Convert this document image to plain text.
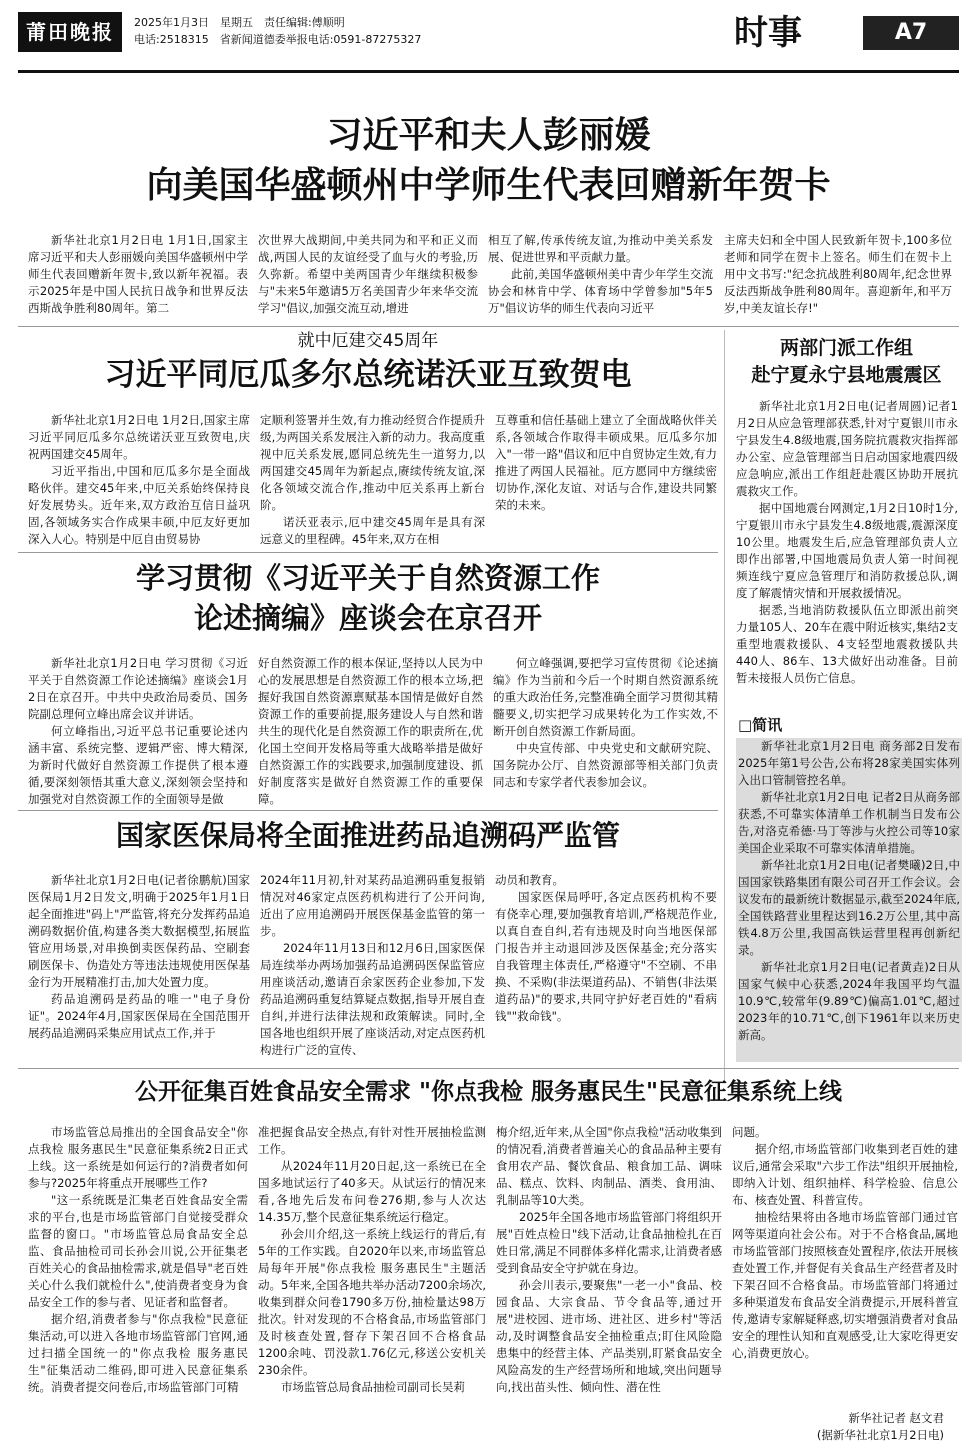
莆田晚报	2025年1月3日　星期五　责任编辑:傅顺明
电话:2518315　省新闻道德委举报电话:0591-87275327	时事	A7
习近平和夫人彭丽媛
向美国华盛顿州中学师生代表回赠新年贺卡

新华社北京1月2日电 1月1日,国家主席习近平和夫人彭丽媛向美国华盛顿州中学师生代表回赠新年贺卡,致以新年祝福。表示2025年是中国人民抗日战争和世界反法西斯战争胜利80周年。第二

次世界大战期间,中美共同为和平和正义而战,两国人民的友谊经受了血与火的考验,历久弥新。希望中美两国青少年继续积极参与"未来5年邀请5万名美国青少年来华交流学习"倡议,加强交流互动,增进

相互了解,传承传统友谊,为推动中美关系发展、促进世界和平贡献力量。

此前,美国华盛顿州美中青少年学生交流协会和林肯中学、体育场中学曾参加"5年5万"倡议访华的师生代表向习近平

主席夫妇和全中国人民致新年贺卡,100多位老师和同学在贺卡上签名。师生们在贺卡上用中文书写:"纪念抗战胜利80周年,纪念世界反法西斯战争胜利80周年。喜迎新年,和平万岁,中美友谊长存!"

就中厄建交45周年
习近平同厄瓜多尔总统诺沃亚互致贺电

新华社北京1月2日电 1月2日,国家主席习近平同厄瓜多尔总统诺沃亚互致贺电,庆祝两国建交45周年。

习近平指出,中国和厄瓜多尔是全面战略伙伴。建交45年来,中厄关系始终保持良好发展势头。近年来,双方政治互信日益巩固,各领域务实合作成果丰硕,中厄友好更加深入人心。特别是中厄自由贸易协

定顺利签署并生效,有力推动经贸合作提质升级,为两国关系发展注入新的动力。我高度重视中厄关系发展,愿同总统先生一道努力,以两国建交45周年为新起点,赓续传统友谊,深化各领域交流合作,推动中厄关系再上新台阶。

诺沃亚表示,厄中建交45周年是具有深远意义的里程碑。45年来,双方在相

互尊重和信任基础上建立了全面战略伙伴关系,各领域合作取得丰硕成果。厄瓜多尔加入"一带一路"倡议和厄中自贸协定生效,有力推进了两国人民福祉。厄方愿同中方继续密切协作,深化友谊、对话与合作,建设共同繁荣的未来。

学习贯彻《习近平关于自然资源工作
论述摘编》座谈会在京召开

新华社北京1月2日电 学习贯彻《习近平关于自然资源工作论述摘编》座谈会1月2日在京召开。中共中央政治局委员、国务院副总理何立峰出席会议并讲话。

何立峰指出,习近平总书记重要论述内涵丰富、系统完整、逻辑严密、博大精深,为新时代做好自然资源工作提供了根本遵循,要深刻领悟其重大意义,深刻领会坚持和加强党对自然资源工作的全面领导是做

好自然资源工作的根本保证,坚持以人民为中心的发展思想是自然资源工作的根本立场,把握好我国自然资源禀赋基本国情是做好自然资源工作的重要前提,服务建设人与自然和谐共生的现代化是自然资源工作的职责所在,优化国土空间开发格局等重大战略举措是做好自然资源工作的实践要求,加强制度建设、抓好制度落实是做好自然资源工作的重要保障。

何立峰强调,要把学习宣传贯彻《论述摘编》作为当前和今后一个时期自然资源系统的重大政治任务,完整准确全面学习贯彻其精髓要义,切实把学习成果转化为工作实效,不断开创自然资源工作新局面。

中央宣传部、中央党史和文献研究院、国务院办公厅、自然资源部等相关部门负责同志和专家学者代表参加会议。

国家医保局将全面推进药品追溯码严监管

新华社北京1月2日电(记者徐鹏航)国家医保局1月2日发文,明确于2025年1月1日起全面推进"码上"严监管,将充分发挥药品追溯码数据价值,构建各类大数据模型,拓展监管应用场景,对串换倒卖医保药品、空刷套刷医保卡、伪造处方等违法违规使用医保基金行为开展精准打击,加大处置力度。

药品追溯码是药品的唯一"电子身份证"。2024年4月,国家医保局在全国范围开展药品追溯码采集应用试点工作,并于

2024年11月初,针对某药品追溯码重复报销情况对46家定点医药机构进行了公开问询,近出了应用追溯码开展医保基金监管的第一步。

2024年11月13日和12月6日,国家医保局连续举办两场加强药品追溯码医保监管应用座谈活动,邀请百余家医药企业参加,下发药品追溯码重复结算疑点数据,指导开展自查自纠,并进行法律法规和政策解读。同时,全国各地也组织开展了座谈活动,对定点医药机构进行广泛的宣传、

动员和教育。

国家医保局呼吁,各定点医药机构不要有侥幸心理,要加强教育培训,严格规范作业,以真自查自纠,若有违规及时向当地医保部门报告并主动退回涉及医保基金;充分落实自我管理主体责任,严格遵守"不空刷、不串换、不采购(非法渠道药品)、不销售(非法渠道药品)"的要求,共同守护好老百姓的"看病钱""救命钱"。

两部门派工作组
赴宁夏永宁县地震震区

新华社北京1月2日电(记者周圆)记者1月2日从应急管理部获悉,针对宁夏银川市永宁县发生4.8级地震,国务院抗震救灾指挥部办公室、应急管理部当日启动国家地震四级应急响应,派出工作组赶赴震区协助开展抗震救灾工作。

据中国地震台网测定,1月2日10时1分,宁夏银川市永宁县发生4.8级地震,震源深度10公里。地震发生后,应急管理部负责人立即作出部署,中国地震局负责人第一时间视频连线宁夏应急管理厅和消防救援总队,调度了解震情灾情和开展救援情况。

据悉,当地消防救援队伍立即派出前突力量105人、20车在震中附近核实,集结2支重型地震救援队、4支轻型地震救援队共440人、86车、13犬做好出动准备。目前暂未接报人员伤亡信息。

□简讯

新华社北京1月2日电 商务部2日发布2025年第1号公告,公布将28家美国实体列入出口管制管控名单。

新华社北京1月2日电 记者2日从商务部获悉,不可靠实体清单工作机制当日发布公告,对洛克希德·马丁等涉与火控公司等10家美国企业采取不可靠实体清单措施。

新华社北京1月2日电(记者樊曦)2日,中国国家铁路集团有限公司召开工作会议。会议发布的最新统计数据显示,截至2024年底,全国铁路营业里程达到16.2万公里,其中高铁4.8万公里,我国高铁运营里程再创新纪录。

新华社北京1月2日电(记者黄垚)2日从国家气候中心获悉,2024年我国平均气温10.9℃,较常年(9.89℃)偏高1.01℃,超过2023年的10.71℃,创下1961年以来历史新高。

公开征集百姓食品安全需求 "你点我检 服务惠民生"民意征集系统上线

市场监管总局推出的全国食品安全"你点我检 服务惠民生"民意征集系统2日正式上线。这一系统是如何运行的?消费者如何参与?2025年将重点开展哪些工作?

"这一系统既是汇集老百姓食品安全需求的平台,也是市场监管部门自觉接受群众监督的窗口。"市场监管总局食品安全总监、食品抽检司司长孙会川说,公开征集老百姓关心的食品抽检需求,就是倡导"老百姓关心什么我们就检什么",使消费者变身为食品安全工作的参与者、见证者和监督者。

据介绍,消费者参与"你点我检"民意征集活动,可以进入各地市场监管部门官网,通过扫描全国统一的"你点我检 服务惠民生"征集活动二维码,即可进入民意征集系统。消费者提交问卷后,市场监管部门可精

准把握食品安全热点,有针对性开展抽检监测工作。

从2024年11月20日起,这一系统已在全国多地试运行了40多天。从试运行的情况来看,各地先后发布问卷276期,参与人次达14.35万,整个民意征集系统运行稳定。

孙会川介绍,这一系统上线运行的背后,有5年的工作实践。自2020年以来,市场监管总局每年开展"你点我检 服务惠民生"主题活动。5年来,全国各地共举办活动7200余场次,收集到群众问卷1790多万份,抽检量达98万批次。针对发现的不合格食品,市场监管部门及时核查处置,督存下架召回不合格食品1200余吨、罚没款1.76亿元,移送公安机关230余件。

市场监管总局食品抽检司副司长吴莉

梅介绍,近年来,从全国"你点我检"活动收集到的情况看,消费者普遍关心的食品品种主要有食用农产品、餐饮食品、粮食加工品、调味品、糕点、饮料、肉制品、酒类、食用油、乳制品等10大类。

2025年全国各地市场监管部门将组织开展"百姓点检日"线下活动,让食品抽检扎在百姓日常,满足不同群体多样化需求,让消费者感受到食品安全守护就在身边。

孙会川表示,要聚焦"一老一小"食品、校园食品、大宗食品、节令食品等,通过开展"进校园、进市场、进社区、进乡村"等活动,及时调整食品安全抽检重点;盯住风险隐患集中的经营主体、产品类别,盯紧食品安全风险高发的生产经营场所和地域,突出问题导向,找出苗头性、倾向性、潜在性

问题。

据介绍,市场监管部门收集到老百姓的建议后,通常会采取"六步工作法"组织开展抽检,即纳入计划、组织抽样、科学检验、信息公布、核查处置、科普宣传。

抽检结果将由各地市场监管部门通过官网等渠道向社会公布。对于不合格食品,属地市场监管部门按照核查处置程序,依法开展核查处置工作,并督促有关食品生产经营者及时下架召回不合格食品。市场监管部门将通过多种渠道发布食品安全消费提示,开展科普宣传,邀请专家解疑释惑,切实增强消费者对食品安全的理性认知和直观感受,让大家吃得更安心,消费更放心。

新华社记者 赵文君
(据新华社北京1月2日电)
